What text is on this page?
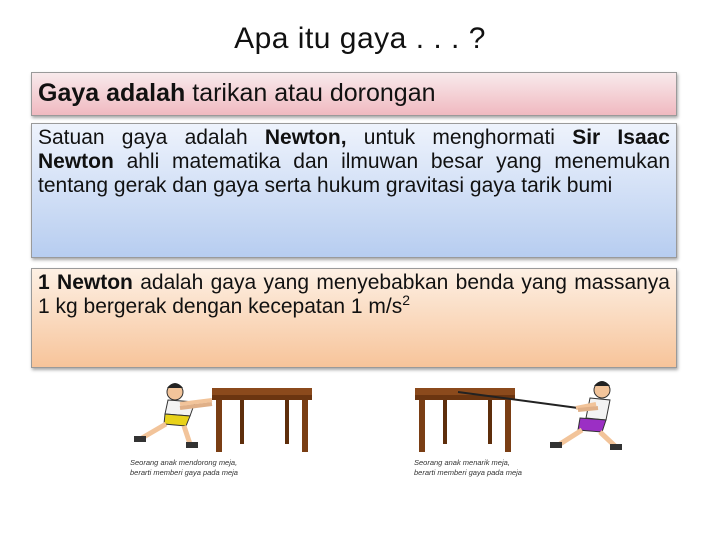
Apa itu gaya . . . ?
Gaya adalah tarikan atau dorongan
Satuan gaya adalah Newton, untuk menghormati Sir Isaac Newton ahli matematika dan ilmuwan besar yang menemukan tentang gerak dan gaya serta hukum gravitasi gaya tarik bumi
1 Newton adalah gaya yang menyebabkan benda yang massanya 1 kg bergerak dengan kecepatan 1 $m/s^2$
Seorang anak mendorong meja,
berarti memberi gaya pada meja
Seorang anak menarik meja,
berarti memberi gaya pada meja
